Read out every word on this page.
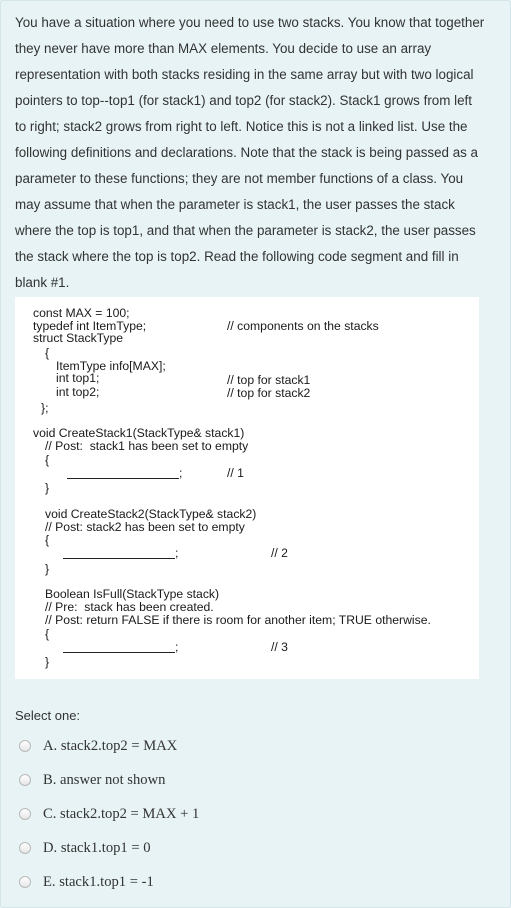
You have a situation where you need to use two stacks. You know that together they never have more than MAX elements. You decide to use an array representation with both stacks residing in the same array but with two logical pointers to top--top1 (for stack1) and top2 (for stack2). Stack1 grows from left to right; stack2 grows from right to left. Notice this is not a linked list. Use the following definitions and declarations. Note that the stack is being passed as a parameter to these functions; they are not member functions of a class. You may assume that when the parameter is stack1, the user passes the stack where the top is top1, and that when the parameter is stack2, the user passes the stack where the top is top2. Read the following code segment and fill in blank #1.

const MAX = 100;
typedef int ItemType;	// components on the stacks
struct StackType
{
ItemType info[MAX];
int top1;	// top for stack1
int top2;	// top for stack2
};
void CreateStack1(StackType& stack1)
// Post:  stack1 has been set to empty
{
;	// 1
}
void CreateStack2(StackType& stack2)
// Post: stack2 has been set to empty
{
;	// 2
}
Boolean IsFull(StackType stack)
// Pre:  stack has been created.
// Post: return FALSE if there is room for another item; TRUE otherwise.
{
;	// 3
}
Select one:
A. stack2.top2 = MAX
B. answer not shown
C. stack2.top2 = MAX + 1
D. stack1.top1 = 0
E. stack1.top1 = -1
